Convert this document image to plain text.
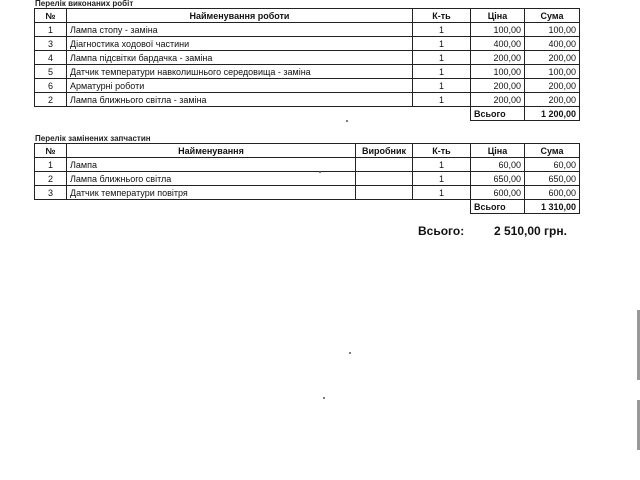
Перелік виконаних робіт
№	Найменування роботи	К-ть	Ціна	Сума
1	Лампа стопу - заміна	1	100,00	100,00
3	Діагностика ходової частини	1	400,00	400,00
4	Лампа підсвітки бардачка - заміна	1	200,00	200,00
5	Датчик температури навколишнього середовища - заміна	1	100,00	100,00
6	Арматурні роботи	1	200,00	200,00
2	Лампа ближнього світла - заміна	1	200,00	200,00
			Всього	1 200,00
Перелік замінених запчастин
№	Найменування	Виробник	К-ть	Ціна	Сума
1	Лампа		1	60,00	60,00
2	Лампа ближнього світла		1	650,00	650,00
3	Датчик температури повітря		1	600,00	600,00
				Всього	1 310,00
Всього: 2 510,00 грн.
